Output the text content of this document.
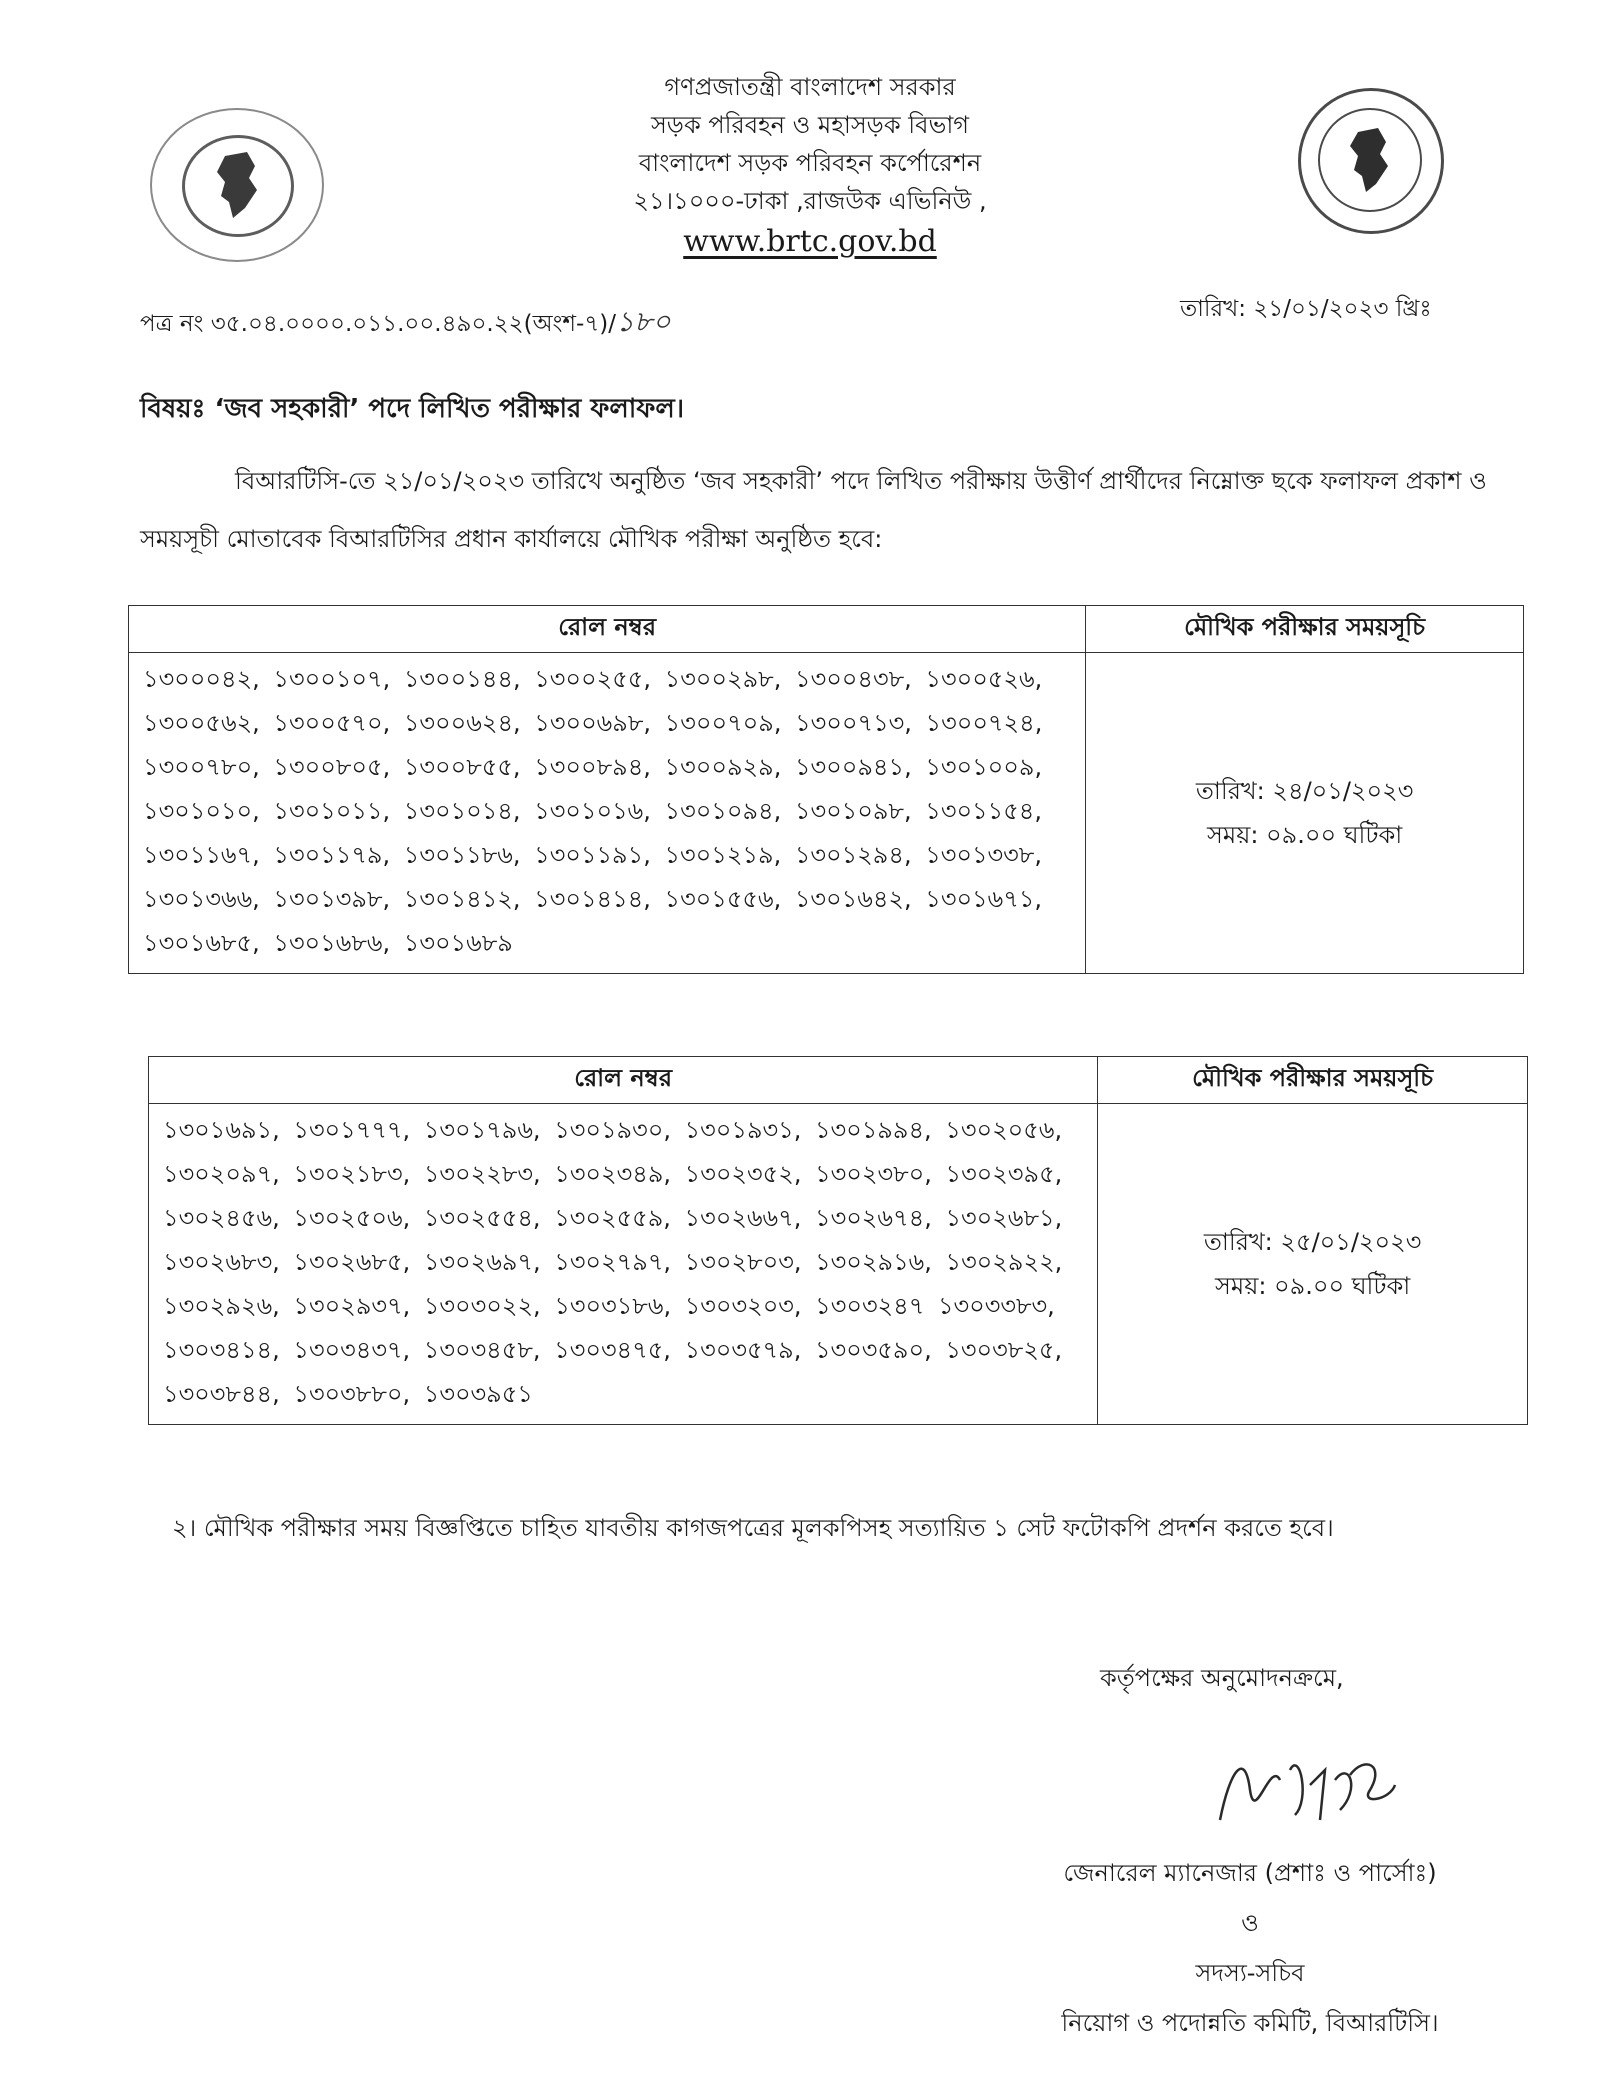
গণপ্রজাতন্ত্রী বাংলাদেশ সরকার
সড়ক পরিবহন ও মহাসড়ক বিভাগ
বাংলাদেশ সড়ক পরিবহন কর্পোরেশন
২১।১০০০-ঢাকা ,রাজউক এভিনিউ ,
www.brtc.gov.bd
পত্র নং ৩৫.০৪.০০০০.০১১.০০.৪৯০.২২(অংশ-৭)/১৮০	তারিখ: ২১/০১/২০২৩ খ্রিঃ
বিষয়ঃ ‘জব সহকারী’ পদে লিখিত পরীক্ষার ফলাফল।
বিআরটিসি-তে ২১/০১/২০২৩ তারিখে অনুষ্ঠিত ‘জব সহকারী’ পদে লিখিত পরীক্ষায় উত্তীর্ণ প্রার্থীদের নিম্নোক্ত ছকে ফলাফল প্রকাশ ও সময়সূচী মোতাবেক বিআরটিসির প্রধান কার্যালয়ে মৌখিক পরীক্ষা অনুষ্ঠিত হবে:
রোল নম্বর	মৌখিক পরীক্ষার সময়সূচি
১৩০০০৪২, ১৩০০১০৭, ১৩০০১৪৪, ১৩০০২৫৫, ১৩০০২৯৮, ১৩০০৪৩৮, ১৩০০৫২৬, ১৩০০৫৬২, ১৩০০৫৭০, ১৩০০৬২৪, ১৩০০৬৯৮, ১৩০০৭০৯, ১৩০০৭১৩, ১৩০০৭২৪, ১৩০০৭৮০, ১৩০০৮০৫, ১৩০০৮৫৫, ১৩০০৮৯৪, ১৩০০৯২৯, ১৩০০৯৪১, ১৩০১০০৯, ১৩০১০১০, ১৩০১০১১, ১৩০১০১৪, ১৩০১০১৬, ১৩০১০৯৪, ১৩০১০৯৮, ১৩০১১৫৪, ১৩০১১৬৭, ১৩০১১৭৯, ১৩০১১৮৬, ১৩০১১৯১, ১৩০১২১৯, ১৩০১২৯৪, ১৩০১৩৩৮, ১৩০১৩৬৬, ১৩০১৩৯৮, ১৩০১৪১২, ১৩০১৪১৪, ১৩০১৫৫৬, ১৩০১৬৪২, ১৩০১৬৭১, ১৩০১৬৮৫, ১৩০১৬৮৬, ১৩০১৬৮৯	তারিখ: ২৪/০১/২০২৩
সময়: ০৯.০০ ঘটিকা
রোল নম্বর	মৌখিক পরীক্ষার সময়সূচি
১৩০১৬৯১, ১৩০১৭৭৭, ১৩০১৭৯৬, ১৩০১৯৩০, ১৩০১৯৩১, ১৩০১৯৯৪, ১৩০২০৫৬, ১৩০২০৯৭, ১৩০২১৮৩, ১৩০২২৮৩, ১৩০২৩৪৯, ১৩০২৩৫২, ১৩০২৩৮০, ১৩০২৩৯৫, ১৩০২৪৫৬, ১৩০২৫০৬, ১৩০২৫৫৪, ১৩০২৫৫৯, ১৩০২৬৬৭, ১৩০২৬৭৪, ১৩০২৬৮১, ১৩০২৬৮৩, ১৩০২৬৮৫, ১৩০২৬৯৭, ১৩০২৭৯৭, ১৩০২৮০৩, ১৩০২৯১৬, ১৩০২৯২২, ১৩০২৯২৬, ১৩০২৯৩৭, ১৩০৩০২২, ১৩০৩১৮৬, ১৩০৩২০৩, ১৩০৩২৪৭ ১৩০৩৩৮৩, ১৩০৩৪১৪, ১৩০৩৪৩৭, ১৩০৩৪৫৮, ১৩০৩৪৭৫, ১৩০৩৫৭৯, ১৩০৩৫৯০, ১৩০৩৮২৫, ১৩০৩৮৪৪, ১৩০৩৮৮০, ১৩০৩৯৫১	তারিখ: ২৫/০১/২০২৩
সময়: ০৯.০০ ঘটিকা
২। মৌখিক পরীক্ষার সময় বিজ্ঞপ্তিতে চাহিত যাবতীয় কাগজপত্রের মূলকপিসহ সত্যায়িত ১ সেট ফটোকপি প্রদর্শন করতে হবে।
কর্তৃপক্ষের অনুমোদনক্রমে,
জেনারেল ম্যানেজার (প্রশাঃ ও পার্সোঃ)
ও
সদস্য-সচিব
নিয়োগ ও পদোন্নতি কমিটি, বিআরটিসি।
